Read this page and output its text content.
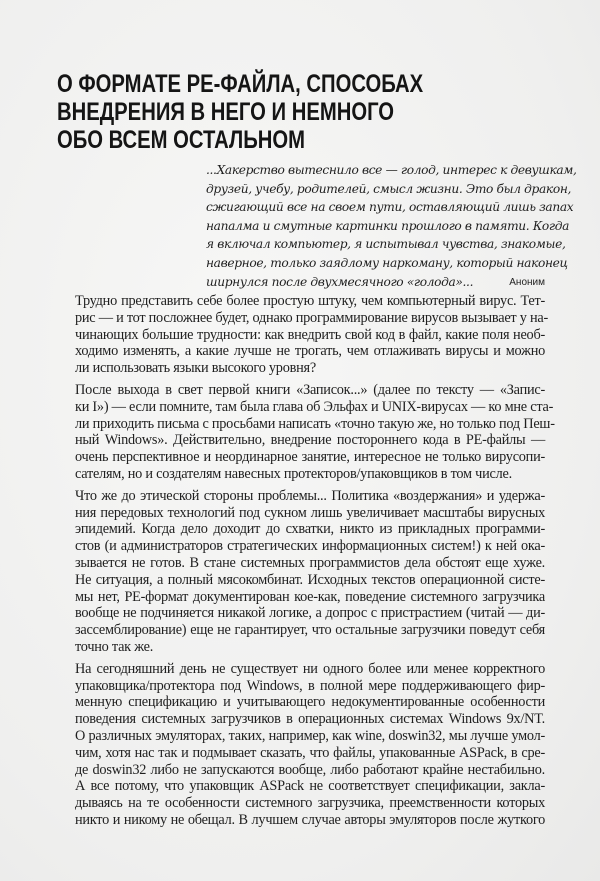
О ФОРМАТЕ PE-ФАЙЛА, СПОСОБАХ
ВНЕДРЕНИЯ В НЕГО И НЕМНОГО
ОБО ВСЕМ ОСТАЛЬНОМ
...Хакерство вытеснило все — голод, интерес к девушкам,
друзей, учебу, родителей, смысл жизни. Это был дракон,
сжигающий все на своем пути, оставляющий лишь запах
напалма и смутные картинки прошлого в памяти. Когда
я включал компьютер, я испытывал чувства, знакомые,
наверное, только заядлому наркоману, который наконец
ширнулся после двухмесячного «голода»...	Аноним
Трудно представить себе более простую штуку, чем компьютерный вирус. Тет-
рис — и тот посложнее будет, однако программирование вирусов вызывает у на-
чинающих большие трудности: как внедрить свой код в файл, какие поля необ-
ходимо изменять, а какие лучше не трогать, чем отлаживать вирусы и можно
ли использовать языки высокого уровня?
После выхода в свет первой книги «Записок...» (далее по тексту — «Запис-
ки I») — если помните, там была глава об Эльфах и UNIX-вирусах — ко мне ста-
ли приходить письма с просьбами написать «точно такую же, но только под Пеш-
ный Windows». Действительно, внедрение постороннего кода в PE-файлы —
очень перспективное и неординарное занятие, интересное не только вирусопи-
сателям, но и создателям навесных протекторов/упаковщиков в том числе.
Что же до этической стороны проблемы... Политика «воздержания» и удержа-
ния передовых технологий под сукном лишь увеличивает масштабы вирусных
эпидемий. Когда дело доходит до схватки, никто из прикладных программи-
стов (и администраторов стратегических информационных систем!) к ней ока-
зывается не готов. В стане системных программистов дела обстоят еще хуже.
Не ситуация, а полный мясокомбинат. Исходных текстов операционной систе-
мы нет, PE-формат документирован кое-как, поведение системного загрузчика
вообще не подчиняется никакой логике, а допрос с пристрастием (читай — ди-
зассемблирование) еще не гарантирует, что остальные загрузчики поведут себя
точно так же.
На сегодняшний день не существует ни одного более или менее корректного
упаковщика/протектора под Windows, в полной мере поддерживающего фир-
менную спецификацию и учитывающего недокументированные особенности
поведения системных загрузчиков в операционных системах Windows 9x/NT.
О различных эмуляторах, таких, например, как wine, doswin32, мы лучше умол-
чим, хотя нас так и подмывает сказать, что файлы, упакованные ASPack, в сре-
де doswin32 либо не запускаются вообще, либо работают крайне нестабильно.
А все потому, что упаковщик ASPack не соответствует спецификации, закла-
дываясь на те особенности системного загрузчика, преемственности которых
никто и никому не обещал. В лучшем случае авторы эмуляторов после жуткого
